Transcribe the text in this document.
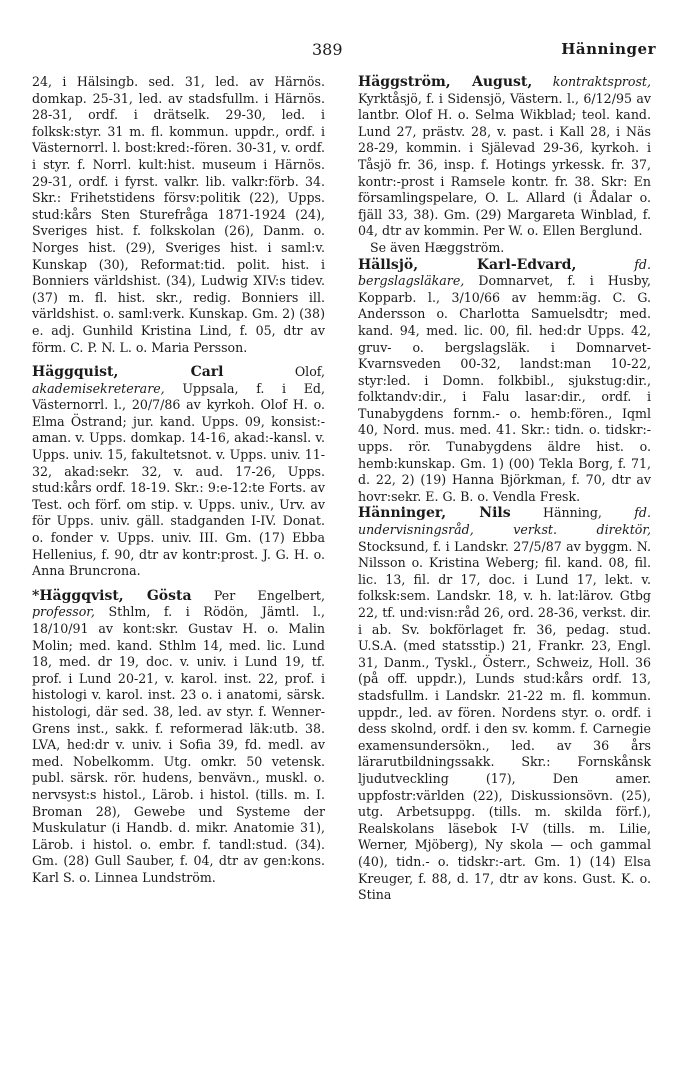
389	Hänninger

24, i Hälsingb. sed. 31, led. av Härnös. domkap. 25-31, led. av stadsfullm. i Härnös. 28-31, ordf. i drätselk. 29-30, led. i folksk:styr. 31 m. fl. kommun. uppdr., ordf. i Västernorrl. l. bost:kred:-fören. 30-31, v. ordf. i styr. f. Norrl. kult:hist. museum i Härnös. 29-31, ordf. i fyrst. valkr. lib. valkr:förb. 34. Skr.: Frihetstidens försv:politik (22), Upps. stud:kårs Sten Sturefråga 1871-1924 (24), Sveriges hist. f. folkskolan (26), Danm. o. Norges hist. (29), Sveriges hist. i saml:v. Kunskap (30), Reformat:tid. polit. hist. i Bonniers världshist. (34), Ludwig XIV:s tidev. (37) m. fl. hist. skr., redig. Bonniers ill. världshist. o. saml:verk. Kunskap. Gm. 2) (38) e. adj. Gunhild Kristina Lind, f. 05, dtr av förm. C. P. N. L. o. Maria Persson.

Häggquist, Carl	Olof, akademisekreterare, Uppsala, f. i Ed, Västernorrl. l., 20/7/86 av kyrkoh. Olof H. o. Elma Östrand; jur. kand. Upps. 09, konsist:-aman. v. Upps. domkap. 14-16, akad:-kansl. v. Upps. univ. 15, fakultetsnot. v. Upps. univ. 11-32, akad:sekr. 32, v. aud. 17-26, Upps. stud:kårs ordf. 18-19. Skr.: 9:e-12:te Forts. av Test. och förf. om stip. v. Upps. univ., Urv. av för Upps. univ. gäll. stadganden I-IV. Donat. o. fonder v. Upps. univ. III. Gm. (17) Ebba Hellenius, f. 90, dtr av kontr:prost. J. G. H. o. Anna Bruncrona.

*Häggqvist, Gösta Per Engelbert, professor, Sthlm, f. i Rödön, Jämtl. l., 18/10/91 av kont:skr. Gustav H. o. Malin Molin; med. kand. Sthlm 14, med. lic. Lund 18, med. dr 19, doc. v. univ. i Lund 19, tf. prof. i Lund 20-21, v. karol. inst. 22, prof. i histologi v. karol. inst. 23 o. i anatomi, särsk. histologi, där sed. 38, led. av styr. f. Wenner-Grens inst., sakk. f. reformerad läk:utb. 38. LVA, hed:dr v. univ. i Sofia 39, fd. medl. av med. Nobelkomm. Utg. omkr. 50 vetensk. publ. särsk. rör. hudens, benvävn., muskl. o. nervsyst:s histol., Lärob. i histol. (tills. m. I. Broman 28), Gewebe und Systeme der Muskulatur (i Handb. d. mikr. Anatomie 31), Lärob. i histol. o. embr. f. tandl:stud. (34). Gm. (28) Gull Sauber, f. 04, dtr av gen:kons. Karl S. o. Linnea Lundström.

Häggström, August, kontraktsprost, Kyrktåsjö, f. i Sidensjö, Västern. l., 6/12/95 av lantbr. Olof H. o. Selma Wikblad; teol. kand. Lund 27, prästv. 28, v. past. i Kall 28, i Näs 28-29, kommin. i Själevad 29-36, kyrkoh. i Tåsjö fr. 36, insp. f. Hotings yrkessk. fr. 37, kontr:-prost i Ramsele kontr. fr. 38. Skr: En församlingspelare, O. L. Allard (i Ådalar o. fjäll 33, 38). Gm. (29) Margareta Winblad, f. 04, dtr av kommin. Per W. o. Ellen Berglund.

Se även Hæggström.

Hällsjö, Karl-Edvard,	fd. bergslagsläkare, Domnarvet, f. i Husby, Kopparb. l., 3/10/66 av hemm:äg. C. G. Andersson o. Charlotta Samuelsdtr; med. kand. 94, med. lic. 00, fil. hed:dr Upps. 42, gruv- o. bergslagsläk. i Domnarvet-Kvarnsveden 00-32, landst:man 10-22, styr:led. i Domn. folkbibl., sjukstug:dir., folktandv:dir., i Falu lasar:dir., ordf. i Tunabygdens fornm.- o. hemb:fören., Iqml 40, Nord. mus. med. 41. Skr.: tidn. o. tidskr:-upps. rör. Tunabygdens äldre hist. o. hemb:kunskap. Gm. 1) (00) Tekla Borg, f. 71, d. 22, 2) (19) Hanna Björkman, f. 70, dtr av hovr:sekr. E. G. B. o. Vendla Fresk.

Hänninger, Nils	Hänning,	fd. undervisningsråd, verkst. direktör, Stocksund, f. i Landskr. 27/5/87 av byggm. N. Nilsson o. Kristina Weberg; fil. kand. 08, fil. lic. 13, fil. dr 17, doc. i Lund 17, lekt. v. folksk:sem. Landskr. 18, v. h. lat:lärov. Gtbg 22, tf. und:visn:råd 26, ord. 28-36, verkst. dir. i ab. Sv. bokförlaget fr. 36, pedag. stud. U.S.A. (med statsstip.) 21, Frankr. 23, Engl. 31, Danm., Tyskl., Österr., Schweiz, Holl. 36 (på off. uppdr.), Lunds stud:kårs ordf. 13, stadsfullm. i Landskr. 21-22 m. fl. kommun. uppdr., led. av fören. Nordens styr. o. ordf. i dess skolnd, ordf. i den sv. komm. f. Carnegie examensundersökn., led. av 36 års lärarutbildningssakk. Skr.: Fornskånsk ljudutveckling (17), Den amer. uppfostr:världen (22), Diskussionsövn. (25), utg. Arbetsuppg. (tills. m. skilda förf.), Realskolans läsebok I-V (tills. m. Lilie, Werner, Mjöberg), Ny skola — och gammal (40), tidn.- o. tidskr:-art. Gm. 1) (14) Elsa Kreuger, f. 88, d. 17, dtr av kons. Gust. K. o. Stina
